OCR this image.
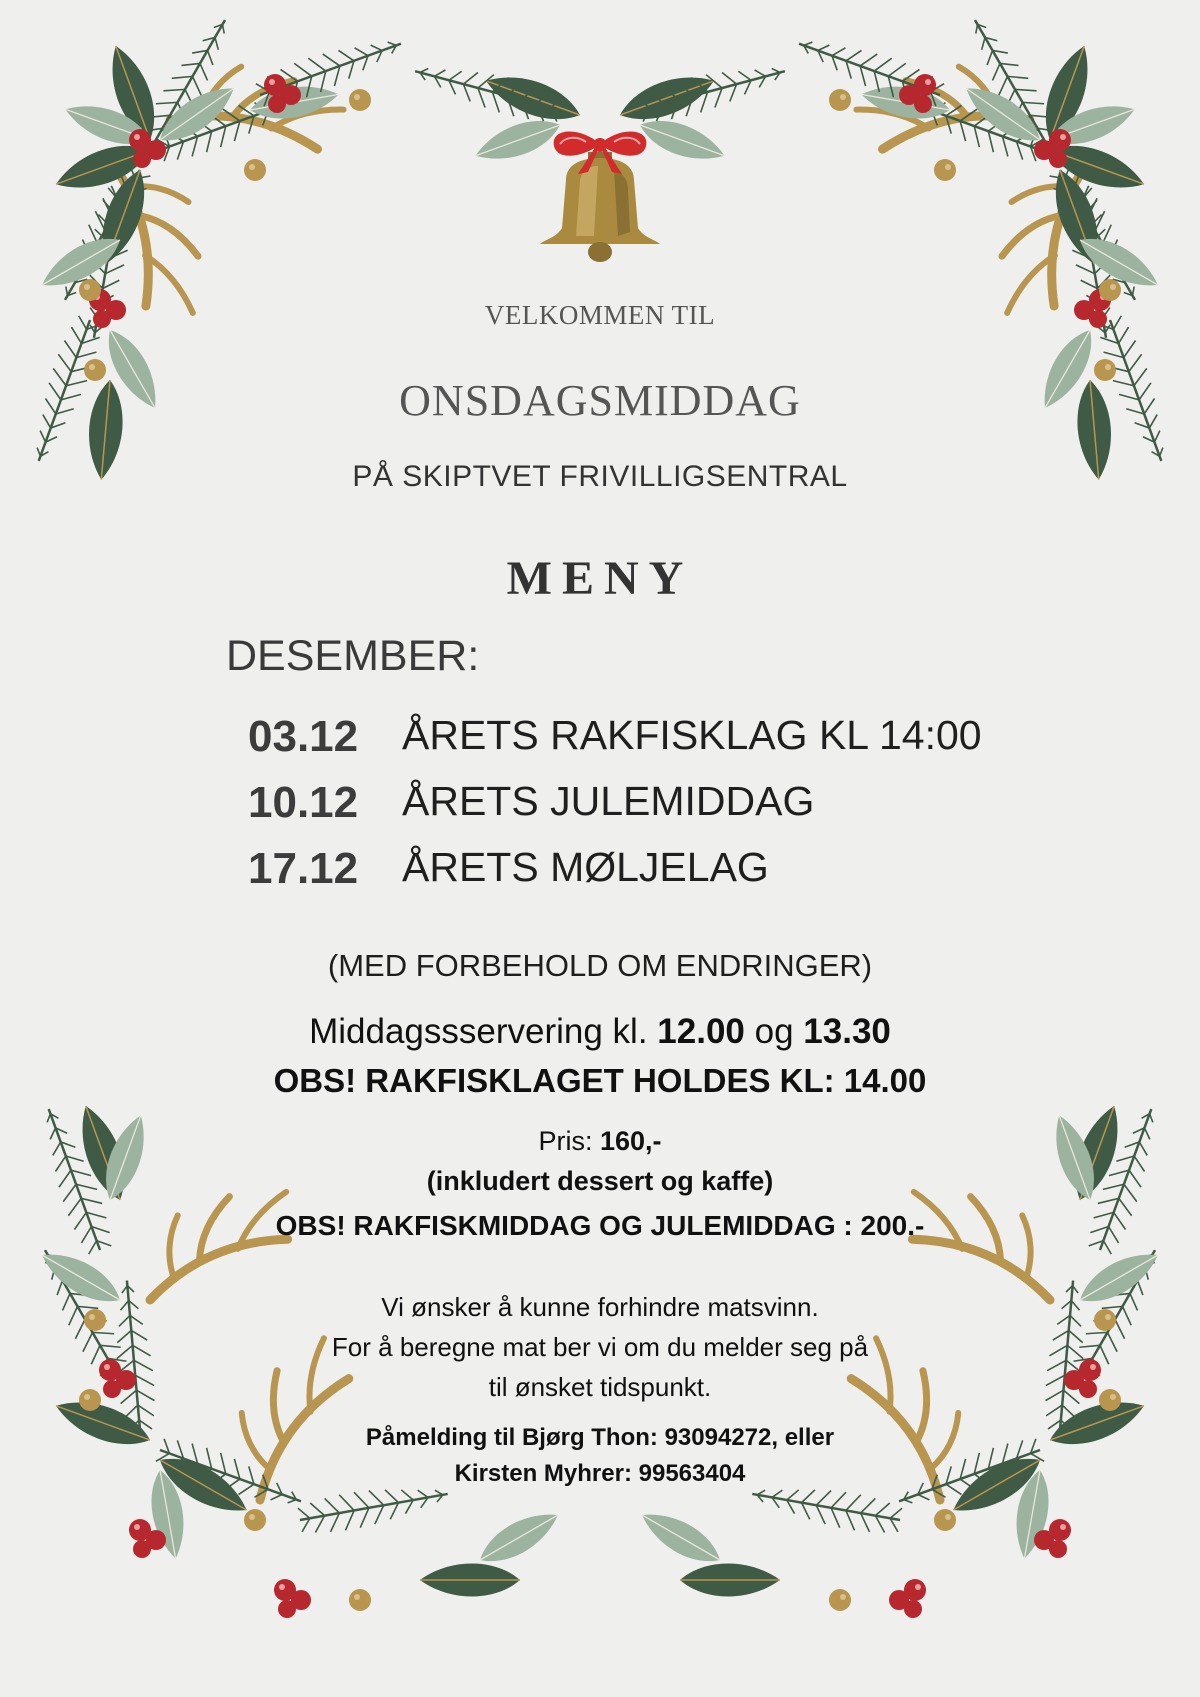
VELKOMMEN TIL
ONSDAGSMIDDAG
PÅ SKIPTVET FRIVILLIGSENTRAL
MENY
DESEMBER:
03.12	ÅRETS RAKFISKLAG KL 14:00
10.12	ÅRETS JULEMIDDAG
17.12	ÅRETS MØLJELAG
(MED FORBEHOLD OM ENDRINGER)
Middagssservering kl. 12.00 og 13.30
OBS! RAKFISKLAGET HOLDES KL: 14.00
Pris: 160,-
(inkludert dessert og kaffe)
OBS! RAKFISKMIDDAG OG JULEMIDDAG : 200.-
Vi ønsker å kunne forhindre matsvinn.
For å beregne mat ber vi om du melder seg på
til ønsket tidspunkt.
Påmelding til Bjørg Thon: 93094272, eller
Kirsten Myhrer: 99563404
